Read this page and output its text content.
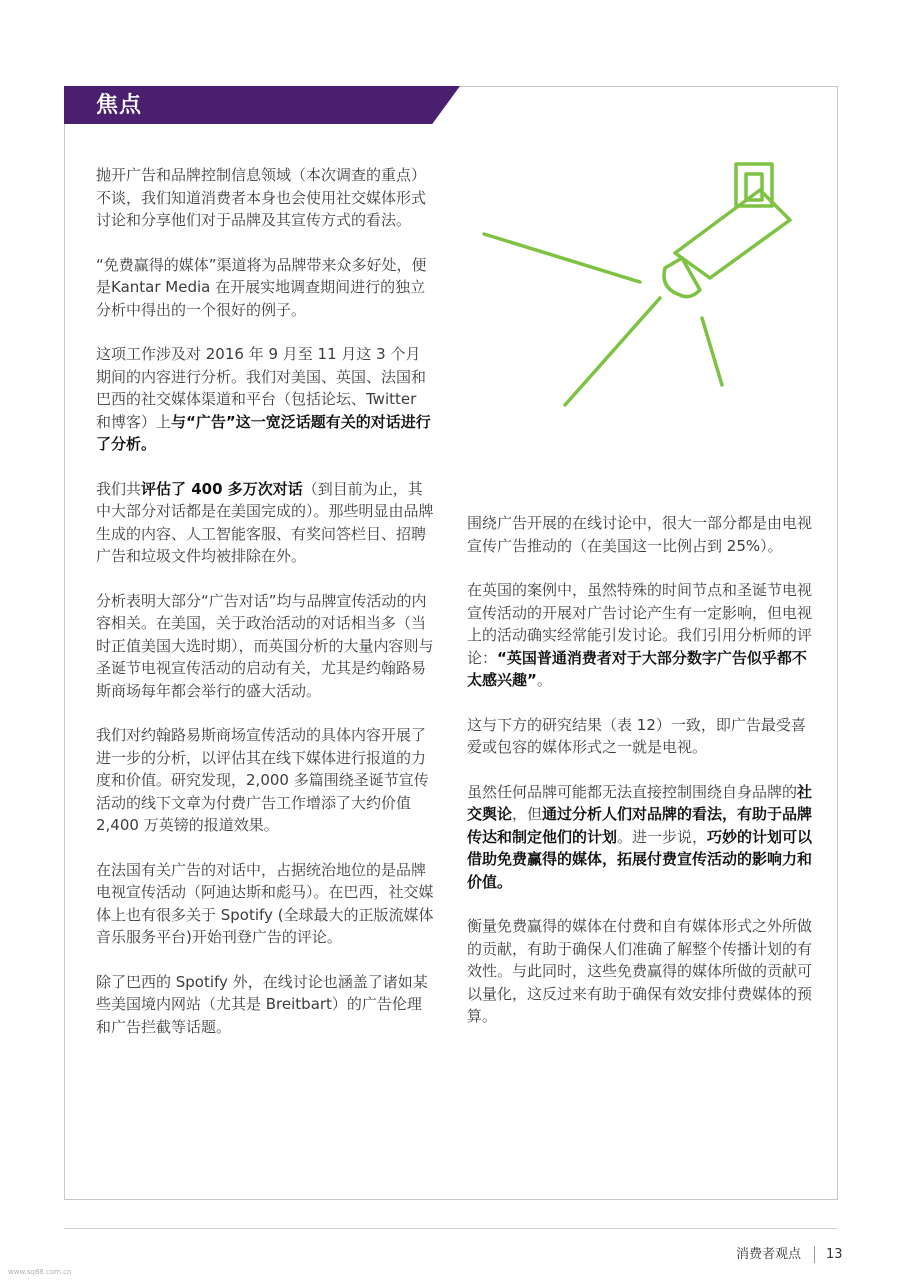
焦点

抛开广告和品牌控制信息领域（本次调查的重点）不谈，我们知道消费者本身也会使用社交媒体形式讨论和分享他们对于品牌及其宣传方式的看法。

“免费赢得的媒体”渠道将为品牌带来众多好处，便是Kantar Media 在开展实地调查期间进行的独立分析中得出的一个很好的例子。

这项工作涉及对 2016 年 9 月至 11 月这 3 个月期间的内容进行分析。我们对美国、英国、法国和巴西的社交媒体渠道和平台（包括论坛、Twitter 和博客）上与“广告”这一宽泛话题有关的对话进行了分析。

我们共评估了 400 多万次对话（到目前为止，其中大部分对话都是在美国完成的）。那些明显由品牌生成的内容、人工智能客服、有奖问答栏目、招聘广告和垃圾文件均被排除在外。

分析表明大部分“广告对话”均与品牌宣传活动的内容相关。在美国，关于政治活动的对话相当多（当时正值美国大选时期），而英国分析的大量内容则与圣诞节电视宣传活动的启动有关，尤其是约翰路易斯商场每年都会举行的盛大活动。

我们对约翰路易斯商场宣传活动的具体内容开展了进一步的分析，以评估其在线下媒体进行报道的力度和价值。研究发现，2,000 多篇围绕圣诞节宣传活动的线下文章为付费广告工作增添了大约价值 2,400 万英镑的报道效果。

在法国有关广告的对话中，占据统治地位的是品牌电视宣传活动（阿迪达斯和彪马）。在巴西，社交媒体上也有很多关于 Spotify (全球最大的正版流媒体音乐服务平台)开始刊登广告的评论。

除了巴西的 Spotify 外，在线讨论也涵盖了诸如某些美国境内网站（尤其是 Breitbart）的广告伦理和广告拦截等话题。

围绕广告开展的在线讨论中，很大一部分都是由电视宣传广告推动的（在美国这一比例占到 25%）。

在英国的案例中，虽然特殊的时间节点和圣诞节电视宣传活动的开展对广告讨论产生有一定影响，但电视上的活动确实经常能引发讨论。我们引用分析师的评论：“英国普通消费者对于大部分数字广告似乎都不太感兴趣”。

这与下方的研究结果（表 12）一致，即广告最受喜爱或包容的媒体形式之一就是电视。

虽然任何品牌可能都无法直接控制围绕自身品牌的社交舆论，但通过分析人们对品牌的看法，有助于品牌传达和制定他们的计划。进一步说，巧妙的计划可以借助免费赢得的媒体，拓展付费宣传活动的影响力和价值。

衡量免费赢得的媒体在付费和自有媒体形式之外所做的贡献，有助于确保人们准确了解整个传播计划的有效性。与此同时，这些免费赢得的媒体所做的贡献可以量化，这反过来有助于确保有效安排付费媒体的预算。

消费者观点 13
www.sq88.com.cn
